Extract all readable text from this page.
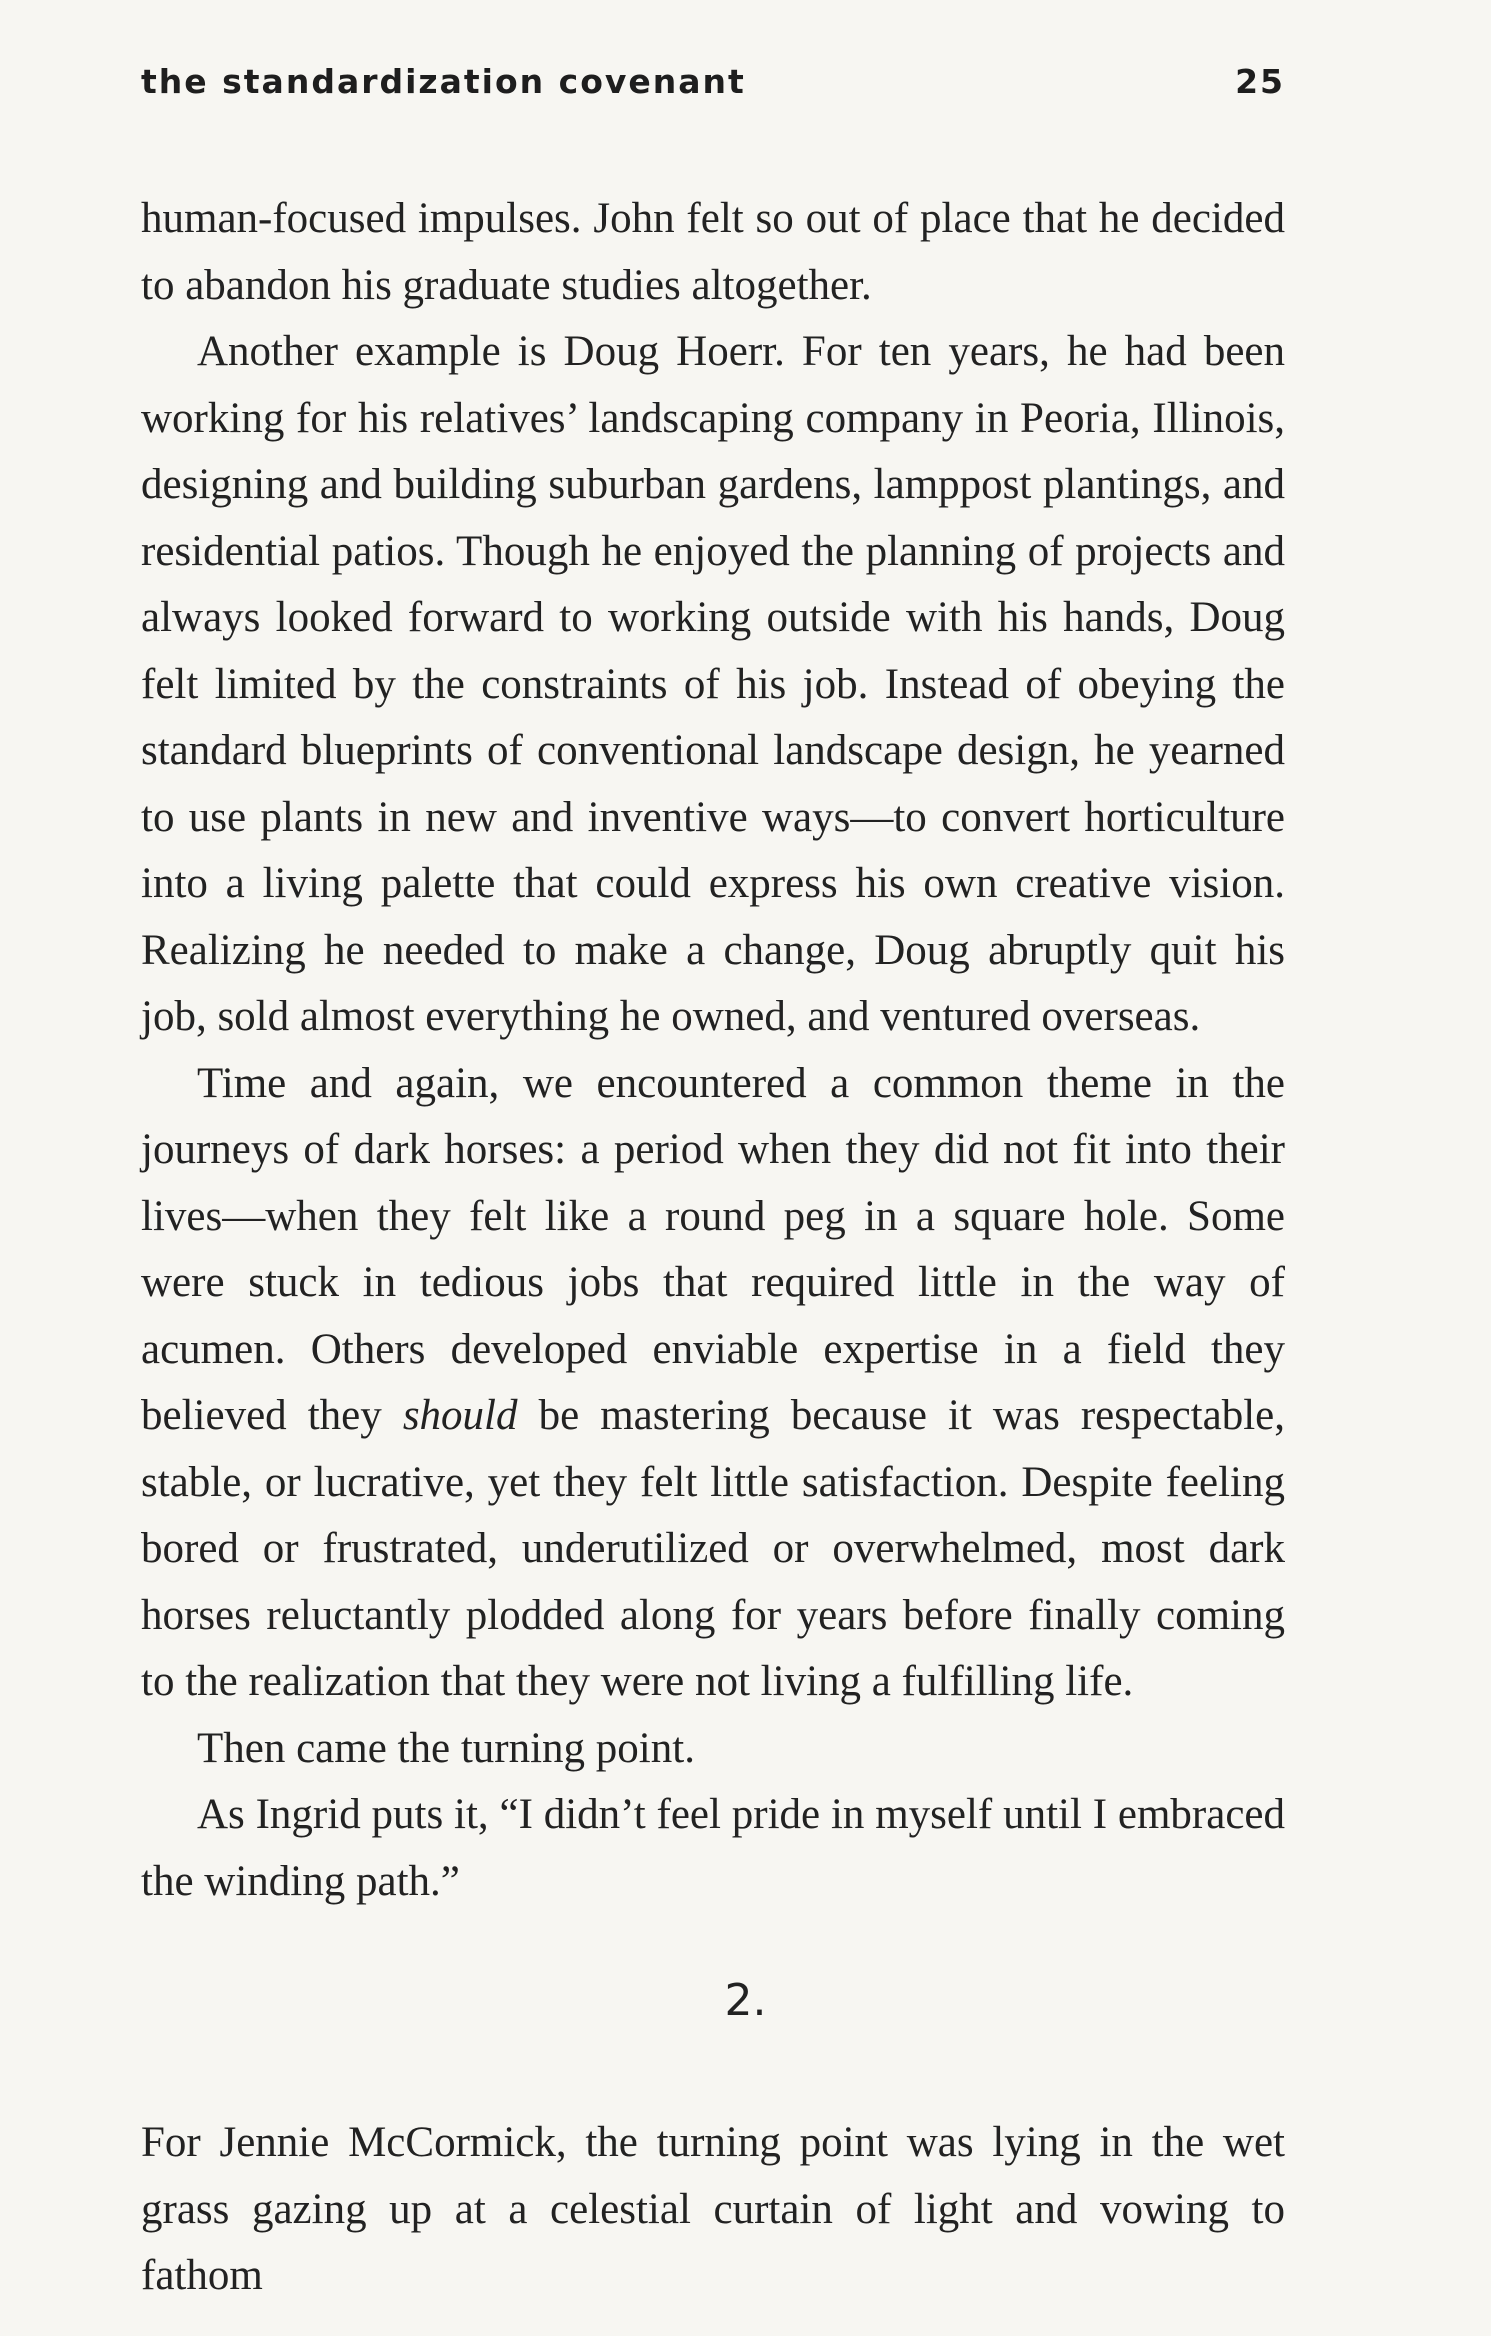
the standardization covenant	25

human-focused impulses. John felt so out of place that he decided to abandon his graduate studies altogether.

Another example is Doug Hoerr. For ten years, he had been working for his relatives’ landscaping company in Peoria, Illinois, designing and building suburban gardens, lamppost plantings, and residential patios. Though he enjoyed the planning of projects and always looked forward to working outside with his hands, Doug felt limited by the constraints of his job. Instead of obeying the standard blueprints of conventional landscape design, he yearned to use plants in new and inventive ways—to convert horticulture into a living palette that could express his own creative vision. Realizing he needed to make a change, Doug abruptly quit his job, sold almost everything he owned, and ventured overseas.

Time and again, we encountered a common theme in the journeys of dark horses: a period when they did not fit into their lives—when they felt like a round peg in a square hole. Some were stuck in tedious jobs that required little in the way of acumen. Others developed enviable expertise in a field they believed they should be mastering because it was respectable, stable, or lucrative, yet they felt little satisfaction. Despite feeling bored or frustrated, underutilized or overwhelmed, most dark horses reluctantly plodded along for years before finally coming to the realization that they were not living a fulfilling life.

Then came the turning point.

As Ingrid puts it, “I didn’t feel pride in myself until I embraced the winding path.”

2.

For Jennie McCormick, the turning point was lying in the wet grass gazing up at a celestial curtain of light and vowing to fathom
